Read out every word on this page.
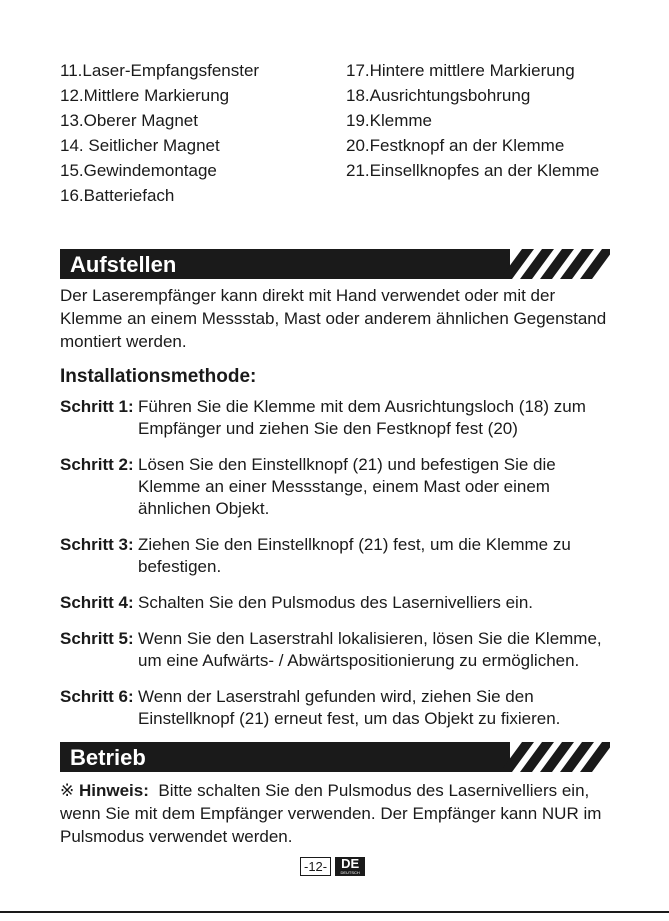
11.Laser-Empfangsfenster
12.Mittlere Markierung
13.Oberer Magnet
14. Seitlicher Magnet
15.Gewindemontage
16.Batteriefach
17.Hintere mittlere Markierung
18.Ausrichtungsbohrung
19.Klemme
20.Festknopf an der Klemme
21.Einsellknopfes an der Klemme
Aufstellen
Der Laserempfänger kann direkt mit Hand verwendet oder mit der Klemme an einem Messstab, Mast oder anderem ähnlichen Gegenstand montiert werden.
Installationsmethode:
Schritt 1: Führen Sie die Klemme mit dem Ausrichtungsloch (18) zum Empfänger und ziehen Sie den Festknopf fest (20)
Schritt 2: Lösen Sie den Einstellknopf (21) und befestigen Sie die Klemme an einer Messstange, einem Mast oder einem ähnlichen Objekt.
Schritt 3: Ziehen Sie den Einstellknopf (21) fest, um die Klemme zu befestigen.
Schritt 4: Schalten Sie den Pulsmodus des Lasernivelliers ein.
Schritt 5: Wenn Sie den Laserstrahl lokalisieren, lösen Sie die Klemme, um eine Aufwärts- / Abwärtspositionierung zu ermöglichen.
Schritt 6: Wenn der Laserstrahl gefunden wird, ziehen Sie den Einstellknopf (21) erneut fest, um das Objekt zu fixieren.
Betrieb
※ Hinweis: Bitte schalten Sie den Pulsmodus des Lasernivelliers ein, wenn Sie mit dem Empfänger verwenden. Der Empfänger kann NUR im Pulsmodus verwendet werden.
-12-	DE
DEUTSCH
